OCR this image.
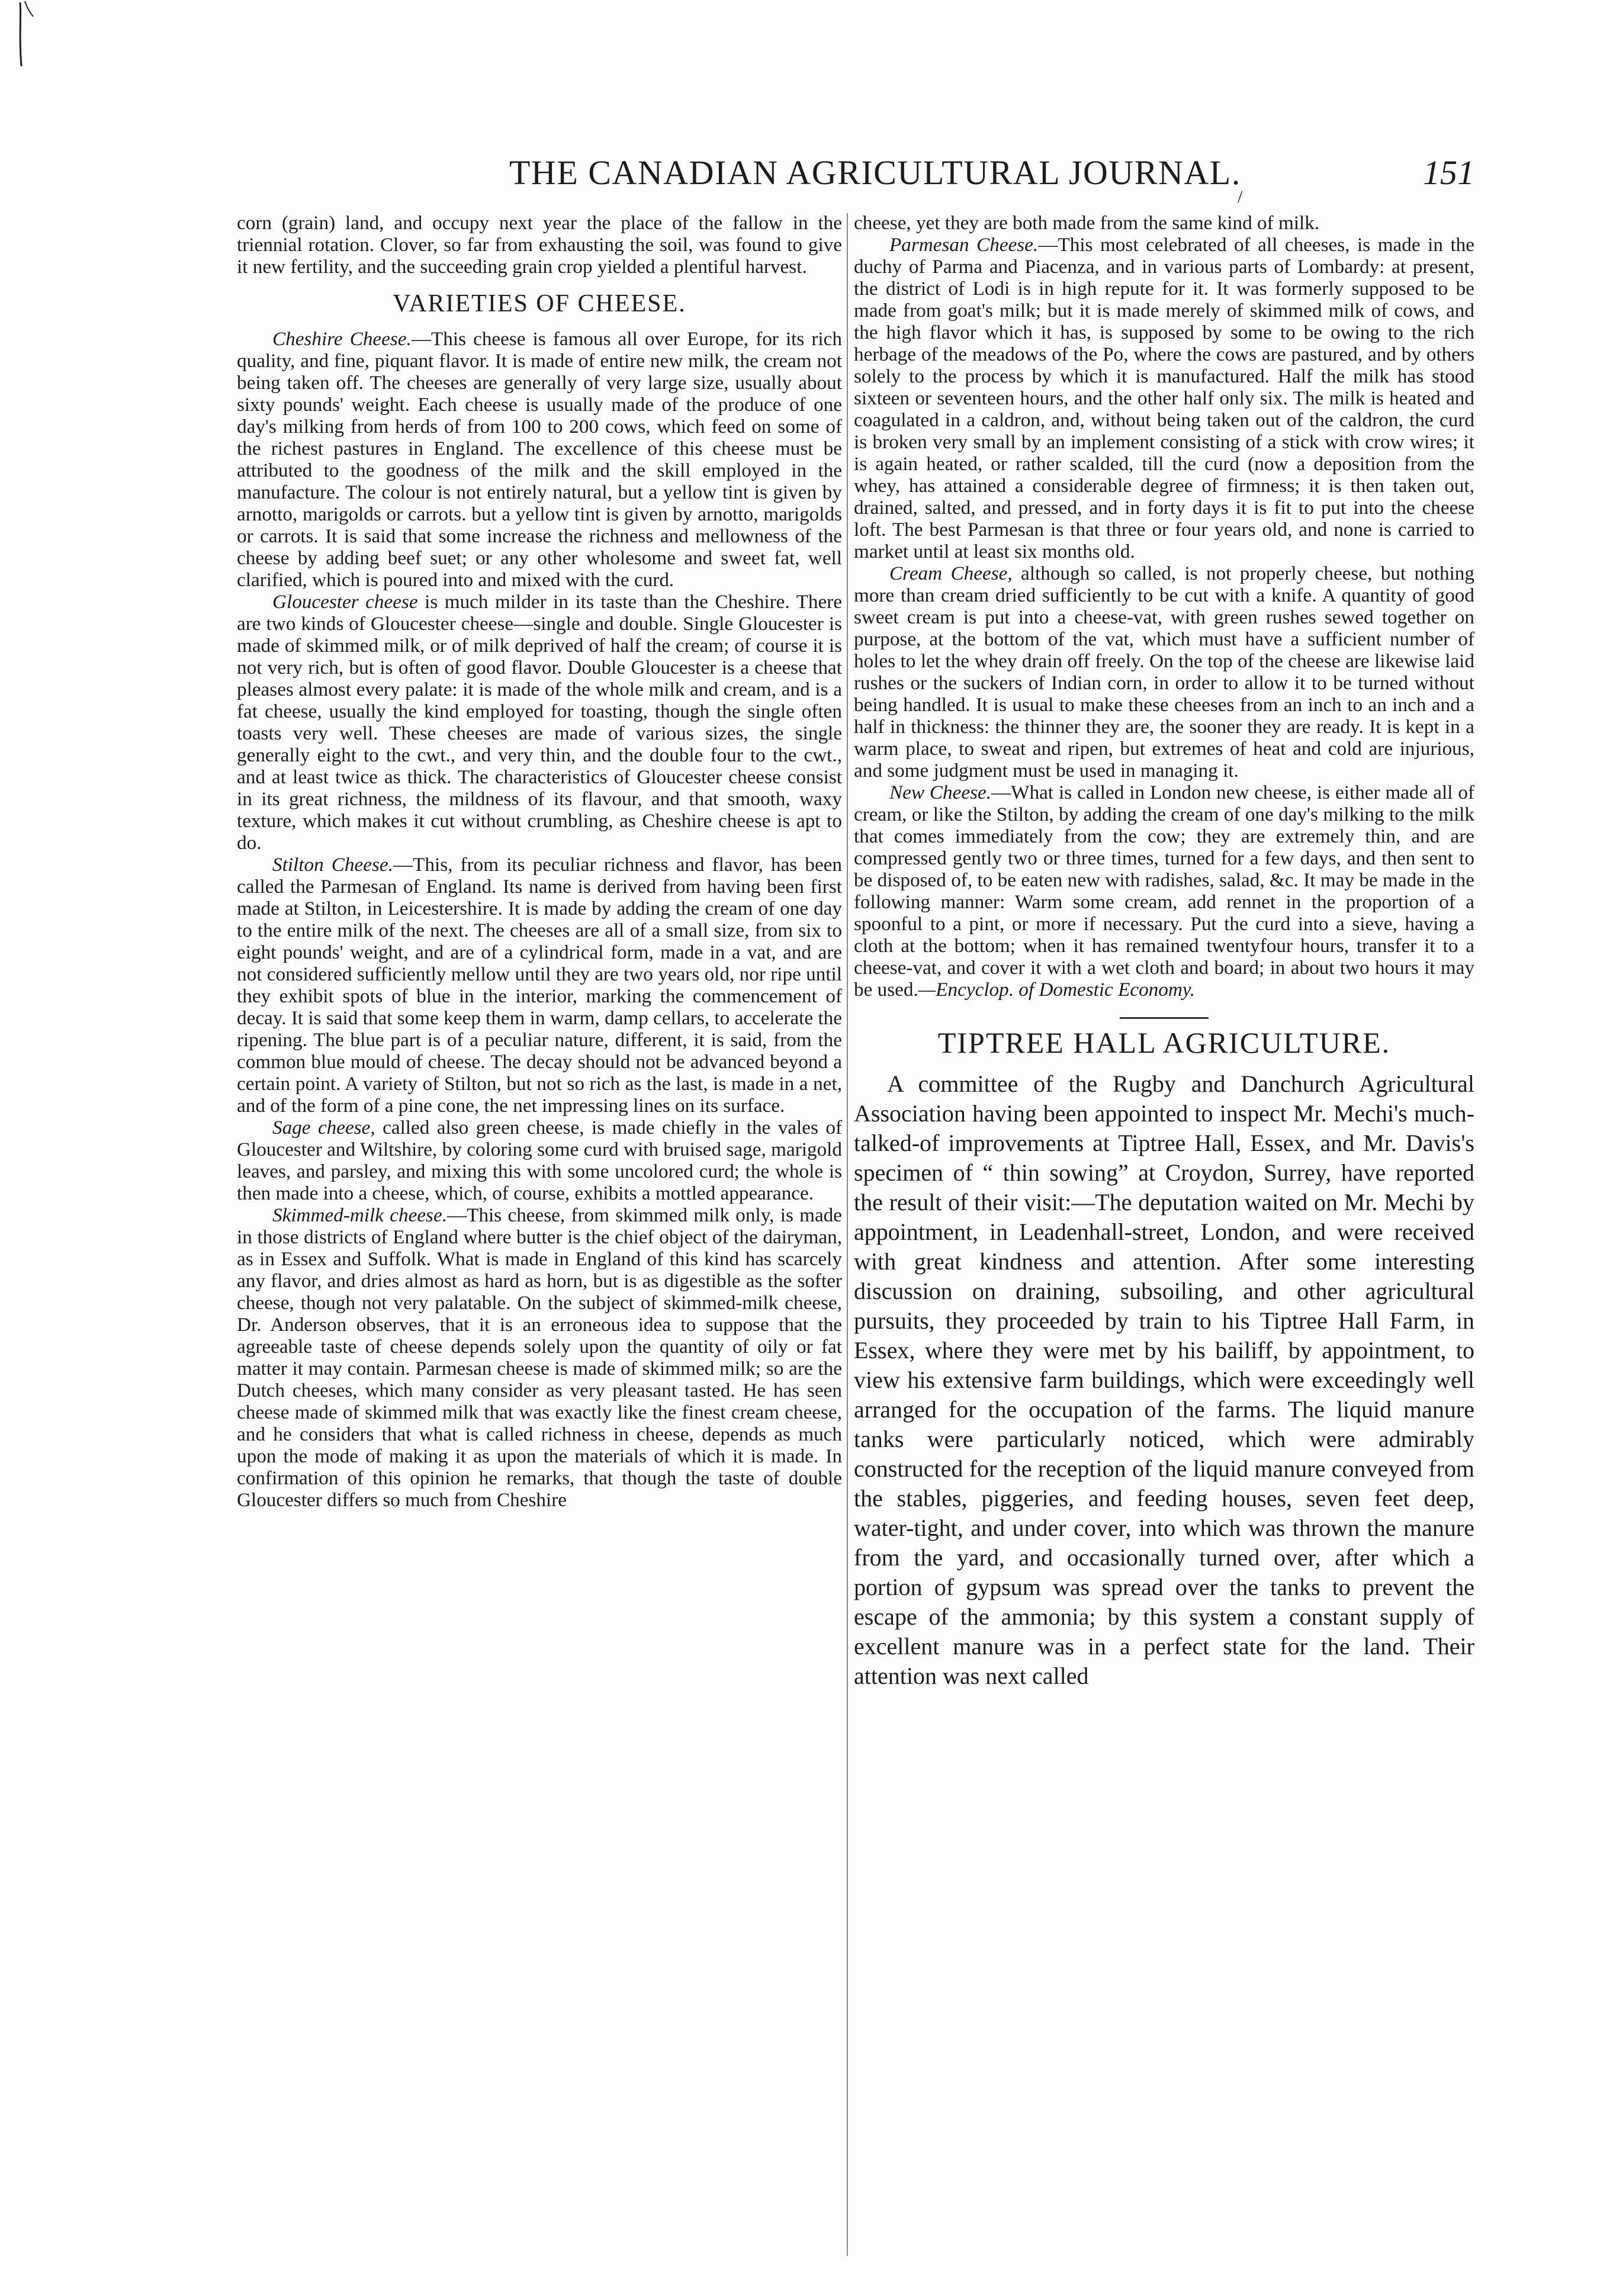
THE CANADIAN AGRICULTURAL JOURNAL.
/
151

corn (grain) land, and occupy next year the place of the fallow in the triennial rotation. Clover, so far from exhausting the soil, was found to give it new fertility, and the succeeding grain crop yielded a plentiful harvest.

VARIETIES OF CHEESE.

Cheshire Cheese.—This cheese is famous all over Europe, for its rich quality, and fine, piquant flavor. It is made of entire new milk, the cream not being taken off. The cheeses are generally of very large size, usually about sixty pounds' weight. Each cheese is usually made of the produce of one day's milking from herds of from 100 to 200 cows, which feed on some of the richest pastures in England. The excellence of this cheese must be attributed to the goodness of the milk and the skill employed in the manufacture. The colour is not entirely natural, but a yellow tint is given by arnotto, marigolds or carrots. but a yellow tint is given by arnotto, marigolds or carrots. It is said that some increase the richness and mellowness of the cheese by adding beef suet; or any other wholesome and sweet fat, well clarified, which is poured into and mixed with the curd.

Gloucester cheese is much milder in its taste than the Cheshire. There are two kinds of Gloucester cheese—single and double. Single Gloucester is made of skimmed milk, or of milk deprived of half the cream; of course it is not very rich, but is often of good flavor. Double Gloucester is a cheese that pleases almost every palate: it is made of the whole milk and cream, and is a fat cheese, usually the kind employed for toasting, though the single often toasts very well. These cheeses are made of various sizes, the single generally eight to the cwt., and very thin, and the double four to the cwt., and at least twice as thick. The characteristics of Gloucester cheese consist in its great richness, the mildness of its flavour, and that smooth, waxy texture, which makes it cut without crumbling, as Cheshire cheese is apt to do.

Stilton Cheese.—This, from its peculiar richness and flavor, has been called the Parmesan of England. Its name is derived from having been first made at Stilton, in Leicestershire. It is made by adding the cream of one day to the entire milk of the next. The cheeses are all of a small size, from six to eight pounds' weight, and are of a cylindrical form, made in a vat, and are not considered sufficiently mellow until they are two years old, nor ripe until they exhibit spots of blue in the interior, marking the commencement of decay. It is said that some keep them in warm, damp cellars, to accelerate the ripening. The blue part is of a peculiar nature, different, it is said, from the common blue mould of cheese. The decay should not be advanced beyond a certain point. A variety of Stilton, but not so rich as the last, is made in a net, and of the form of a pine cone, the net impressing lines on its surface.

Sage cheese, called also green cheese, is made chiefly in the vales of Gloucester and Wiltshire, by coloring some curd with bruised sage, marigold leaves, and parsley, and mixing this with some uncolored curd; the whole is then made into a cheese, which, of course, exhibits a mottled appearance.

Skimmed-milk cheese.—This cheese, from skimmed milk only, is made in those districts of England where butter is the chief object of the dairyman, as in Essex and Suffolk. What is made in England of this kind has scarcely any flavor, and dries almost as hard as horn, but is as digestible as the softer cheese, though not very palatable. On the subject of skimmed-milk cheese, Dr. Anderson observes, that it is an erroneous idea to suppose that the agreeable taste of cheese depends solely upon the quantity of oily or fat matter it may contain. Parmesan cheese is made of skimmed milk; so are the Dutch cheeses, which many consider as very pleasant tasted. He has seen cheese made of skimmed milk that was exactly like the finest cream cheese, and he considers that what is called richness in cheese, depends as much upon the mode of making it as upon the materials of which it is made. In confirmation of this opinion he remarks, that though the taste of double Gloucester differs so much from Cheshire

cheese, yet they are both made from the same kind of milk.

Parmesan Cheese.—This most celebrated of all cheeses, is made in the duchy of Parma and Piacenza, and in various parts of Lombardy: at present, the district of Lodi is in high repute for it. It was formerly supposed to be made from goat's milk; but it is made merely of skimmed milk of cows, and the high flavor which it has, is supposed by some to be owing to the rich herbage of the meadows of the Po, where the cows are pastured, and by others solely to the process by which it is manufactured. Half the milk has stood sixteen or seventeen hours, and the other half only six. The milk is heated and coagulated in a caldron, and, without being taken out of the caldron, the curd is broken very small by an implement consisting of a stick with crow wires; it is again heated, or rather scalded, till the curd (now a deposition from the whey, has attained a considerable degree of firmness; it is then taken out, drained, salted, and pressed, and in forty days it is fit to put into the cheese loft. The best Parmesan is that three or four years old, and none is carried to market until at least six months old.

Cream Cheese, although so called, is not properly cheese, but nothing more than cream dried sufficiently to be cut with a knife. A quantity of good sweet cream is put into a cheese-vat, with green rushes sewed together on purpose, at the bottom of the vat, which must have a sufficient number of holes to let the whey drain off freely. On the top of the cheese are likewise laid rushes or the suckers of Indian corn, in order to allow it to be turned without being handled. It is usual to make these cheeses from an inch to an inch and a half in thickness: the thinner they are, the sooner they are ready. It is kept in a warm place, to sweat and ripen, but extremes of heat and cold are injurious, and some judgment must be used in managing it.

New Cheese.—What is called in London new cheese, is either made all of cream, or like the Stilton, by adding the cream of one day's milking to the milk that comes immediately from the cow; they are extremely thin, and are compressed gently two or three times, turned for a few days, and then sent to be disposed of, to be eaten new with radishes, salad, &c. It may be made in the following manner: Warm some cream, add rennet in the proportion of a spoonful to a pint, or more if necessary. Put the curd into a sieve, having a cloth at the bottom; when it has remained twentyfour hours, transfer it to a cheese-vat, and cover it with a wet cloth and board; in about two hours it may be used.—Encyclop. of Domestic Economy.

TIPTREE HALL AGRICULTURE.

A committee of the Rugby and Danchurch Agricultural Association having been appointed to inspect Mr. Mechi's much-talked-of improvements at Tiptree Hall, Essex, and Mr. Davis's specimen of “ thin sowing” at Croydon, Surrey, have reported the result of their visit:—The deputation waited on Mr. Mechi by appointment, in Leadenhall-street, London, and were received with great kindness and attention. After some interesting discussion on draining, subsoiling, and other agricultural pursuits, they proceeded by train to his Tiptree Hall Farm, in Essex, where they were met by his bailiff, by appointment, to view his extensive farm buildings, which were exceedingly well arranged for the occupation of the farms. The liquid manure tanks were particularly noticed, which were admirably constructed for the reception of the liquid manure conveyed from the stables, piggeries, and feeding houses, seven feet deep, water-tight, and under cover, into which was thrown the manure from the yard, and occasionally turned over, after which a portion of gypsum was spread over the tanks to prevent the escape of the ammonia; by this system a constant supply of excellent manure was in a perfect state for the land. Their attention was next called
